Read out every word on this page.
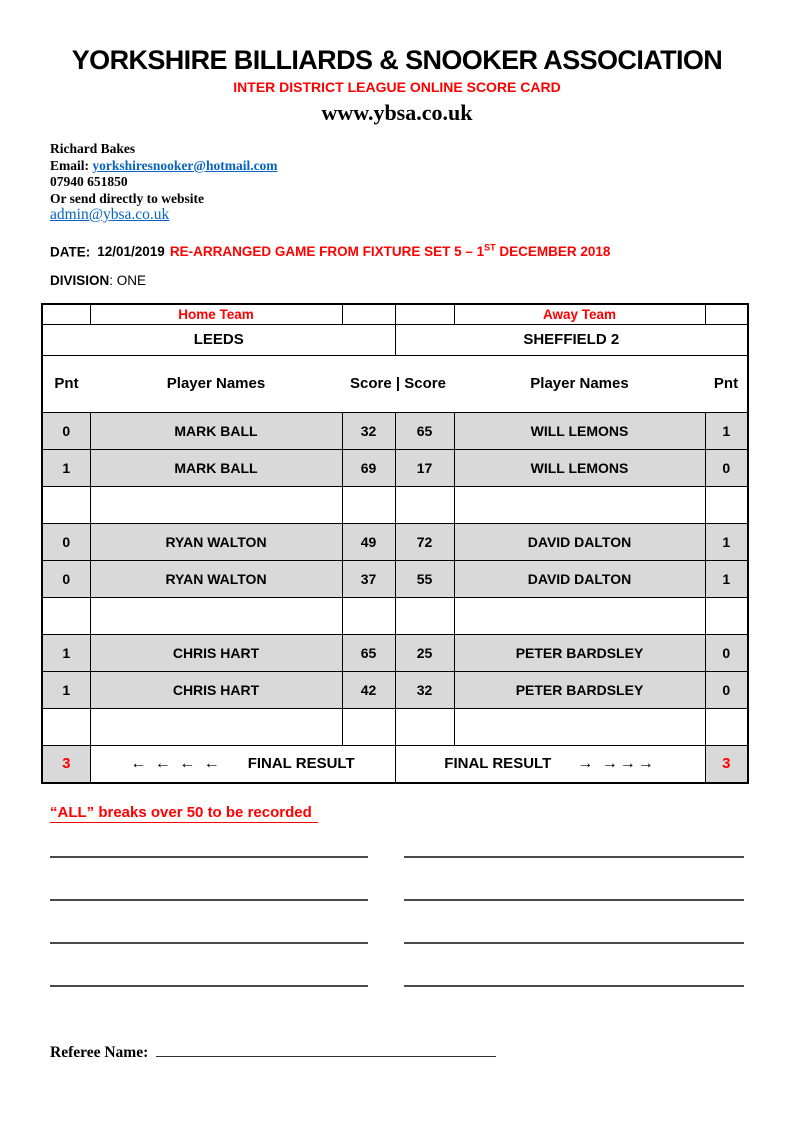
YORKSHIRE BILLIARDS & SNOOKER ASSOCIATION
INTER DISTRICT LEAGUE ONLINE SCORE CARD
www.ybsa.co.uk
Richard Bakes
Email: yorkshiresnooker@hotmail.com
07940 651850
Or send directly to website
admin@ybsa.co.uk
DATE: 12/01/2019 RE-ARRANGED GAME FROM FIXTURE SET 5 – 1ST DECEMBER 2018
DIVISION: ONE
	Home Team			Away Team	
LEEDS			SHEFFIELD 2		
Pnt	Player Names	Score | Score		Player Names	Pnt
0	MARK BALL	32	65	WILL LEMONS	1
1	MARK BALL	69	17	WILL LEMONS	0

0	RYAN WALTON	49	72	DAVID DALTON	1
0	RYAN WALTON	37	55	DAVID DALTON	1

1	CHRIS HART	65	25	PETER BARDSLEY	0
1	CHRIS HART	42	32	PETER BARDSLEY	0

3	← ← ← ← FINAL RESULT		FINAL RESULT → →→→		3
“ALL” breaks over 50 to be recorded
Referee Name:
